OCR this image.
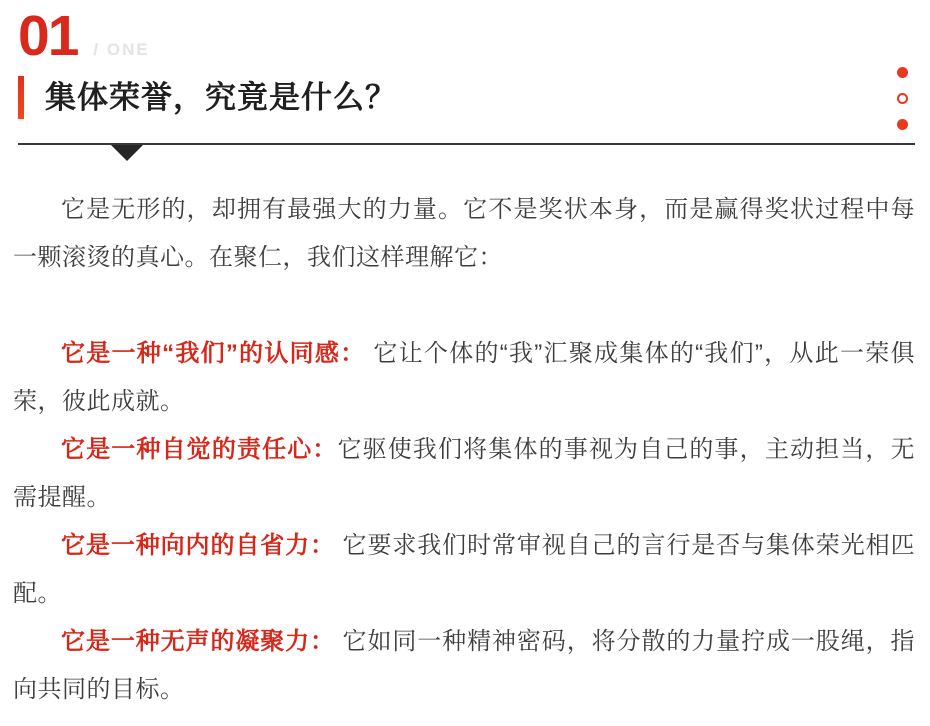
01 / ONE
集体荣誉，究竟是什么？

它是无形的，却拥有最强大的力量。它不是奖状本身，而是赢得奖状过程中每一颗滚烫的真心。在聚仁，我们这样理解它：

它是一种“我们”的认同感： 它让个体的“我”汇聚成集体的“我们”，从此一荣俱荣，彼此成就。

它是一种自觉的责任心：它驱使我们将集体的事视为自己的事，主动担当，无需提醒。

它是一种向内的自省力： 它要求我们时常审视自己的言行是否与集体荣光相匹配。

它是一种无声的凝聚力： 它如同一种精神密码，将分散的力量拧成一股绳，指向共同的目标。
